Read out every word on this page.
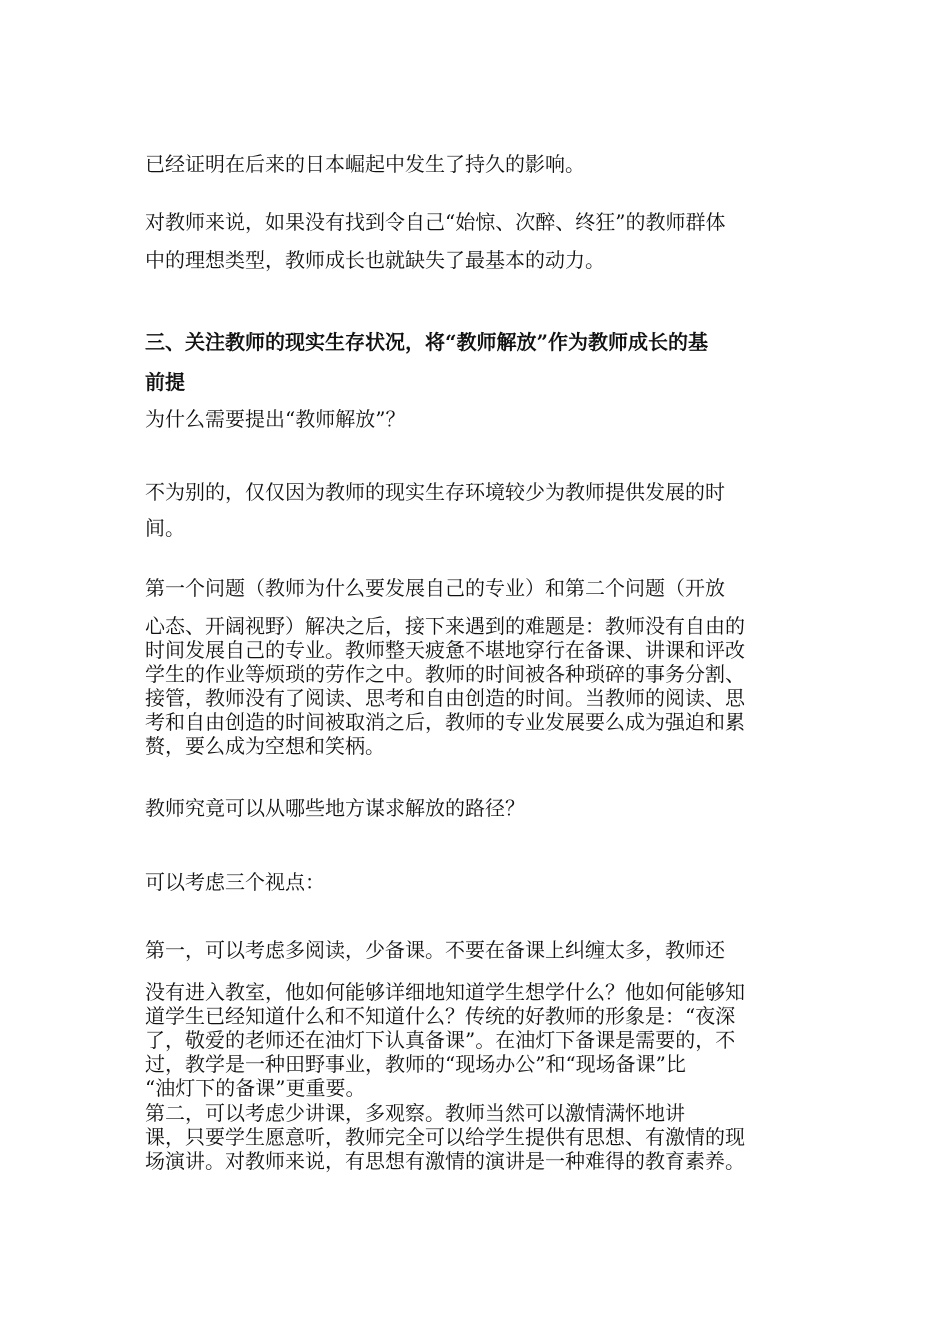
已经证明在后来的日本崛起中发生了持久的影响。
对教师来说，如果没有找到令自己“始惊、次醉、终狂”的教师群体
中的理想类型，教师成长也就缺失了最基本的动力。
三、关注教师的现实生存状况，将“教师解放”作为教师成长的基
前提
为什么需要提出“教师解放”？
不为别的，仅仅因为教师的现实生存环境较少为教师提供发展的时
间。
第一个问题（教师为什么要发展自己的专业）和第二个问题（开放
心态、开阔视野）解决之后，接下来遇到的难题是：教师没有自由的
时间发展自己的专业。教师整天疲惫不堪地穿行在备课、讲课和评改
学生的作业等烦琐的劳作之中。教师的时间被各种琐碎的事务分割、
接管，教师没有了阅读、思考和自由创造的时间。当教师的阅读、思
考和自由创造的时间被取消之后，教师的专业发展要么成为强迫和累
赘，要么成为空想和笑柄。
教师究竟可以从哪些地方谋求解放的路径？
可以考虑三个视点：
第一，可以考虑多阅读，少备课。不要在备课上纠缠太多，教师还
没有进入教室，他如何能够详细地知道学生想学什么？他如何能够知
道学生已经知道什么和不知道什么？传统的好教师的形象是：“夜深
了，敬爱的老师还在油灯下认真备课”。在油灯下备课是需要的，不
过，教学是一种田野事业，教师的“现场办公”和“现场备课”比
“油灯下的备课”更重要。
第二，可以考虑少讲课，多观察。教师当然可以激情满怀地讲
课，只要学生愿意听，教师完全可以给学生提供有思想、有激情的现
场演讲。对教师来说，有思想有激情的演讲是一种难得的教育素养。
